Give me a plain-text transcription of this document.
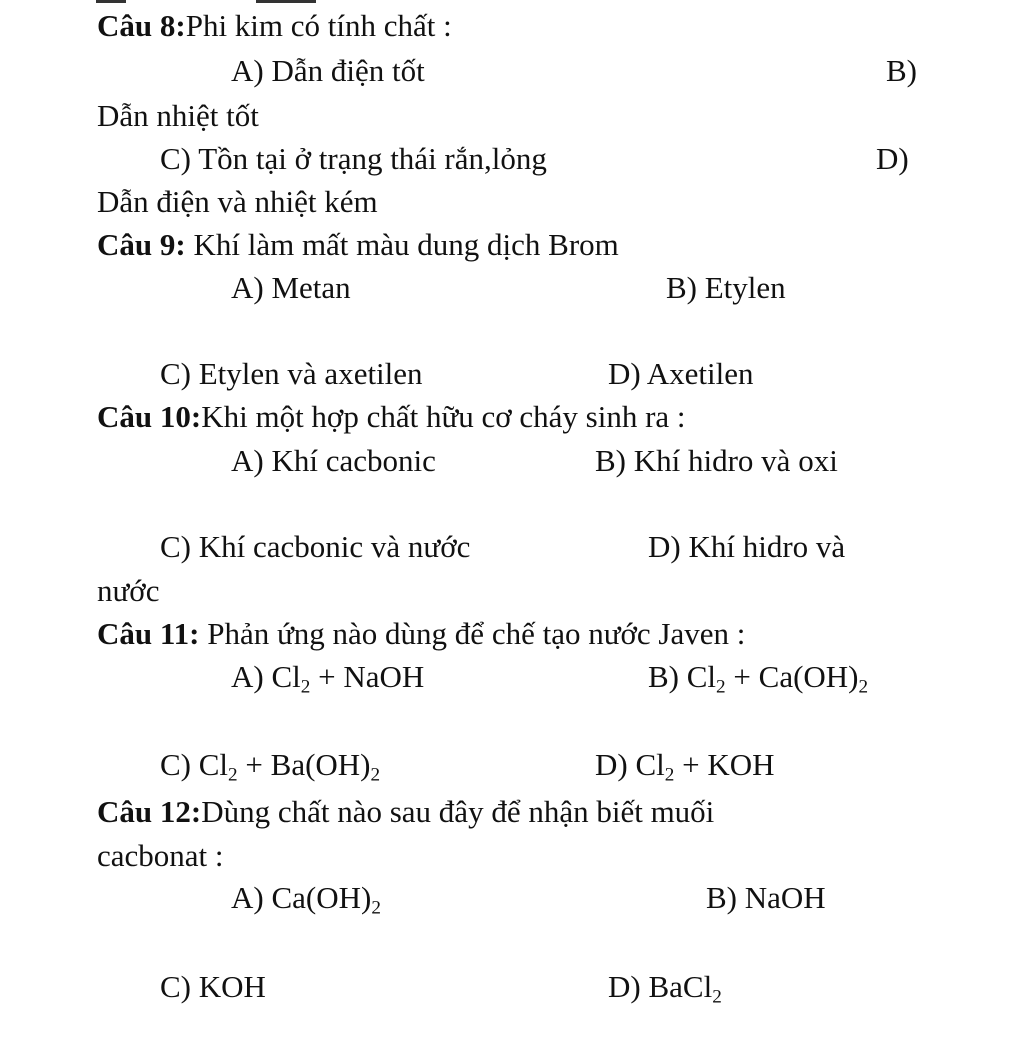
Câu 8:Phi kim có tính chất :
A) Dẫn điện tốt	B)
Dẫn nhiệt tốt
C) Tồn tại ở trạng thái rắn,lỏng	D)
Dẫn điện và nhiệt kém
Câu 9: Khí làm mất màu dung dịch Brom
A) Metan	B) Etylen
C) Etylen và axetilen	D) Axetilen
Câu 10:Khi một hợp chất hữu cơ cháy sinh ra :
A) Khí cacbonic	B) Khí hidro và oxi
C) Khí cacbonic và nước	D) Khí hidro và
nước
Câu 11: Phản ứng nào dùng để chế tạo nước Javen :
A) $Cl_2$ + NaOH	B) $Cl_2 + Ca(OH)_2$
C) $Cl_2 + Ba(OH)_2$	D) $Cl_2$ + KOH
Câu 12:Dùng chất nào sau đây để nhận biết muối
cacbonat :
A) $Ca(OH)_2$	B) NaOH
C) KOH	D) BaCl$_2$
